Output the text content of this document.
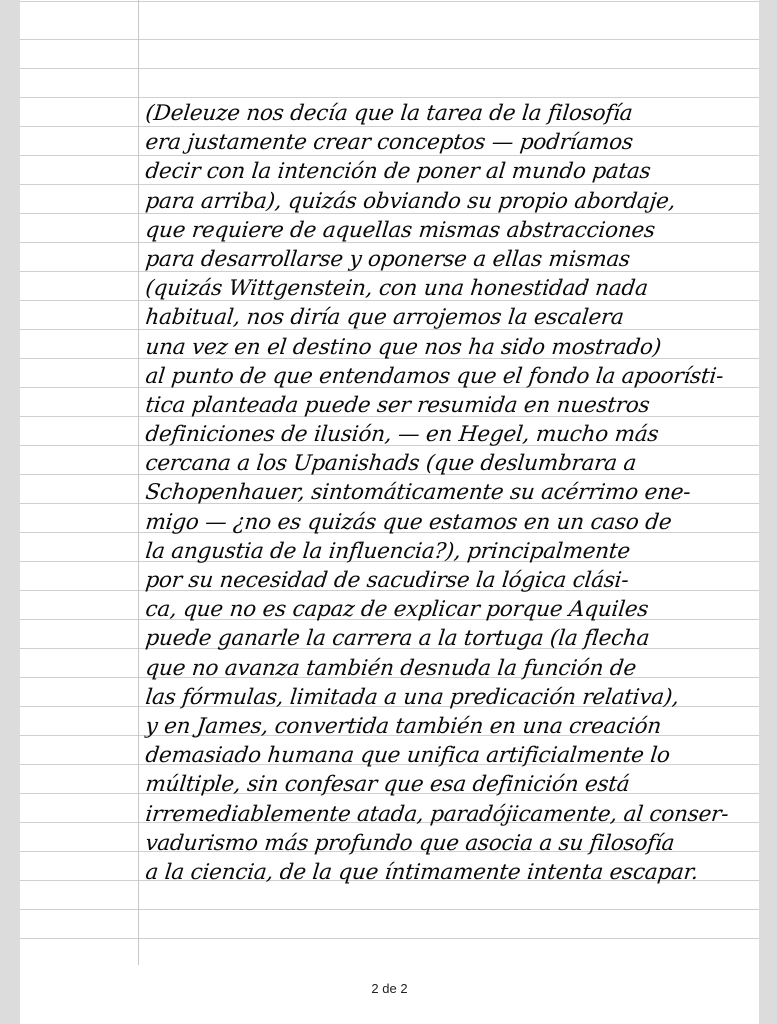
(Deleuze nos decía que la tarea de la filosofía
era justamente crear conceptos — podríamos
decir con la intención de poner al mundo patas
para arriba), quizás obviando su propio abordaje,
que requiere de aquellas mismas abstracciones
para desarrollarse y oponerse a ellas mismas
(quizás Wittgenstein, con una honestidad nada
habitual, nos diría que arrojemos la escalera
una vez en el destino que nos ha sido mostrado)
al punto de que entendamos que el fondo la apoorísti-
tica planteada puede ser resumida en nuestros
definiciones de ilusión, — en Hegel, mucho más
cercana a los Upanishads (que deslumbrara a
Schopenhauer, sintomáticamente su acérrimo ene-
migo — ¿no es quizás que estamos en un caso de
la angustia de la influencia?), principalmente
por su necesidad de sacudirse la lógica clási-
ca, que no es capaz de explicar porque Aquiles
puede ganarle la carrera a la tortuga (la flecha
que no avanza también desnuda la función de
las fórmulas, limitada a una predicación relativa),
y en James, convertida también en una creación
demasiado humana que unifica artificialmente lo
múltiple, sin confesar que esa definición está
irremediablemente atada, paradójicamente, al conser-
vadurismo más profundo que asocia a su filosofía
a la ciencia, de la que íntimamente intenta escapar.
2 de 2
